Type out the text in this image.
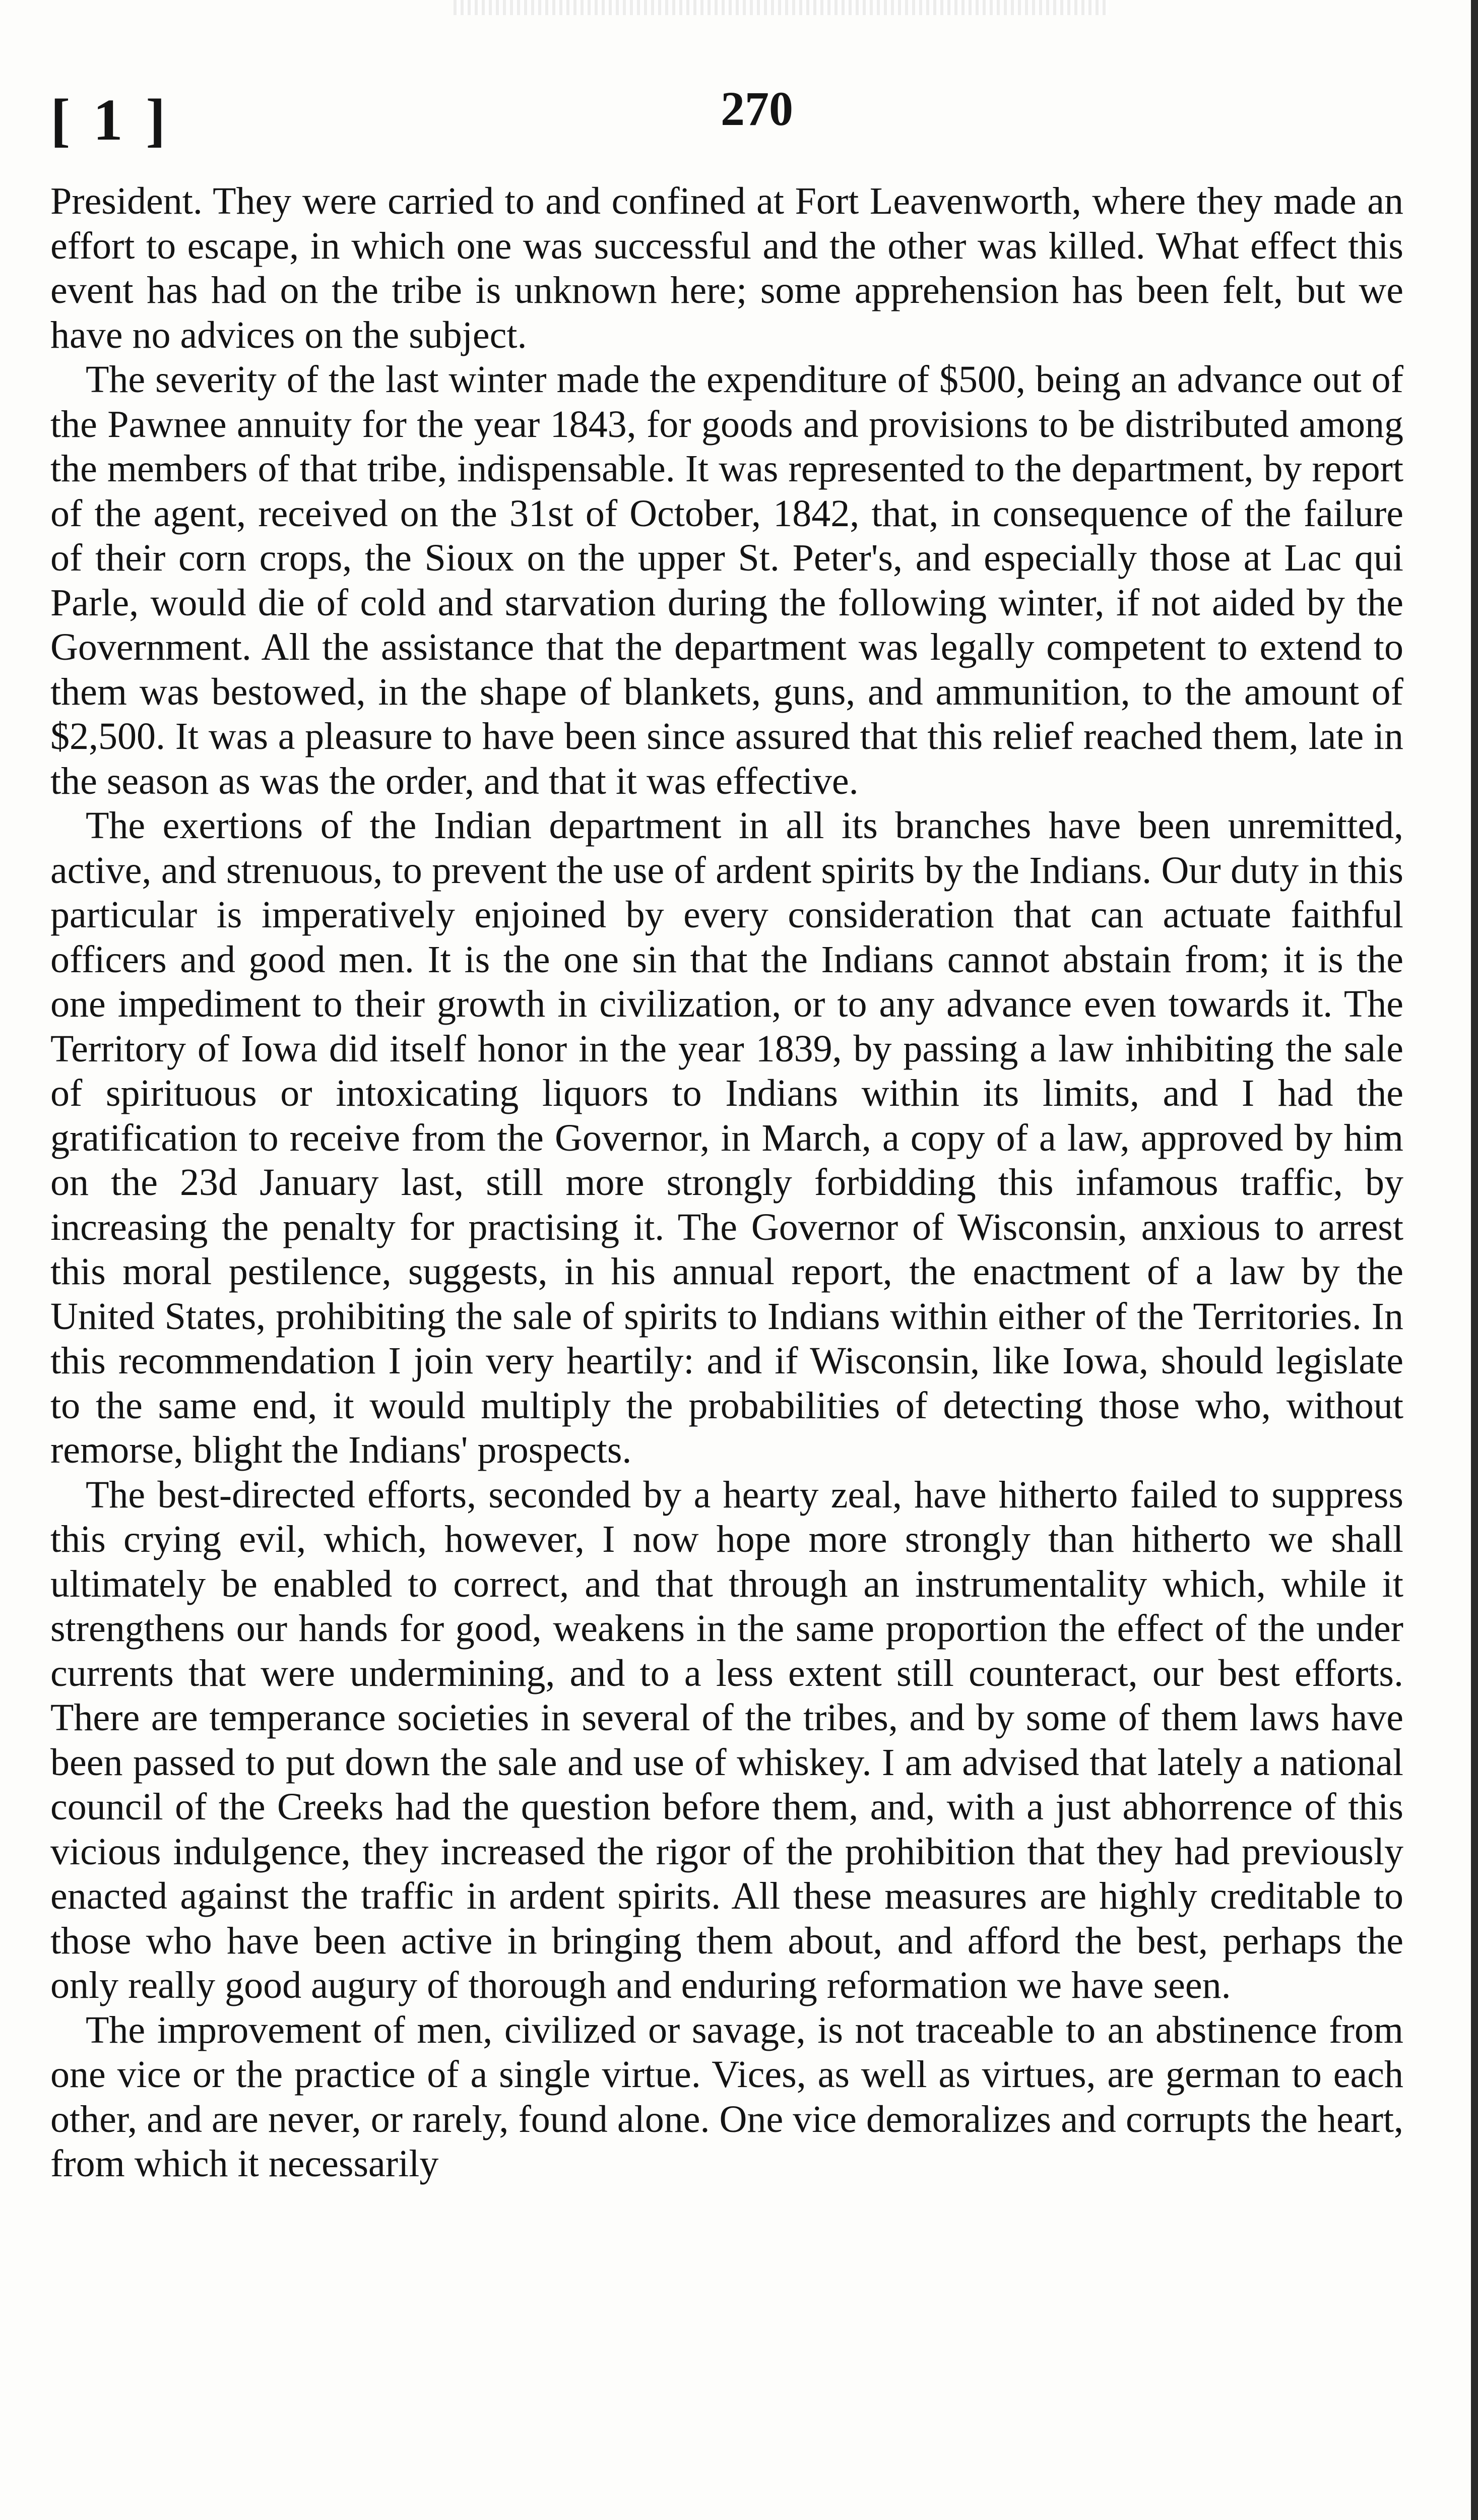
[ 1 ]	270

President. They were carried to and confined at Fort Leavenworth, where they made an effort to escape, in which one was successful and the other was killed. What effect this event has had on the tribe is unknown here; some apprehension has been felt, but we have no advices on the subject.

The severity of the last winter made the expenditure of $500, being an advance out of the Pawnee annuity for the year 1843, for goods and provisions to be distributed among the members of that tribe, indispensable. It was represented to the department, by report of the agent, received on the 31st of October, 1842, that, in consequence of the failure of their corn crops, the Sioux on the upper St. Peter's, and especially those at Lac qui Parle, would die of cold and starvation during the following winter, if not aided by the Government. All the assistance that the department was legally competent to extend to them was bestowed, in the shape of blankets, guns, and ammunition, to the amount of $2,500. It was a pleasure to have been since assured that this relief reached them, late in the season as was the order, and that it was effective.

The exertions of the Indian department in all its branches have been unremitted, active, and strenuous, to prevent the use of ardent spirits by the Indians. Our duty in this particular is imperatively enjoined by every consideration that can actuate faithful officers and good men. It is the one sin that the Indians cannot abstain from; it is the one impediment to their growth in civilization, or to any advance even towards it. The Territory of Iowa did itself honor in the year 1839, by passing a law inhibiting the sale of spirituous or intoxicating liquors to Indians within its limits, and I had the gratification to receive from the Governor, in March, a copy of a law, approved by him on the 23d January last, still more strongly forbidding this infamous traffic, by increasing the penalty for practising it. The Governor of Wisconsin, anxious to arrest this moral pestilence, suggests, in his annual report, the enactment of a law by the United States, prohibiting the sale of spirits to Indians within either of the Territories. In this recommendation I join very heartily: and if Wisconsin, like Iowa, should legislate to the same end, it would multiply the probabilities of detecting those who, without remorse, blight the Indians' prospects.

The best-directed efforts, seconded by a hearty zeal, have hitherto failed to suppress this crying evil, which, however, I now hope more strongly than hitherto we shall ultimately be enabled to correct, and that through an instrumentality which, while it strengthens our hands for good, weakens in the same proportion the effect of the under currents that were undermining, and to a less extent still counteract, our best efforts. There are temperance societies in several of the tribes, and by some of them laws have been passed to put down the sale and use of whiskey. I am advised that lately a national council of the Creeks had the question before them, and, with a just abhorrence of this vicious indulgence, they increased the rigor of the prohibition that they had previously enacted against the traffic in ardent spirits. All these measures are highly creditable to those who have been active in bringing them about, and afford the best, perhaps the only really good augury of thorough and enduring reformation we have seen.

The improvement of men, civilized or savage, is not traceable to an abstinence from one vice or the practice of a single virtue. Vices, as well as virtues, are german to each other, and are never, or rarely, found alone. One vice demoralizes and corrupts the heart, from which it necessarily
